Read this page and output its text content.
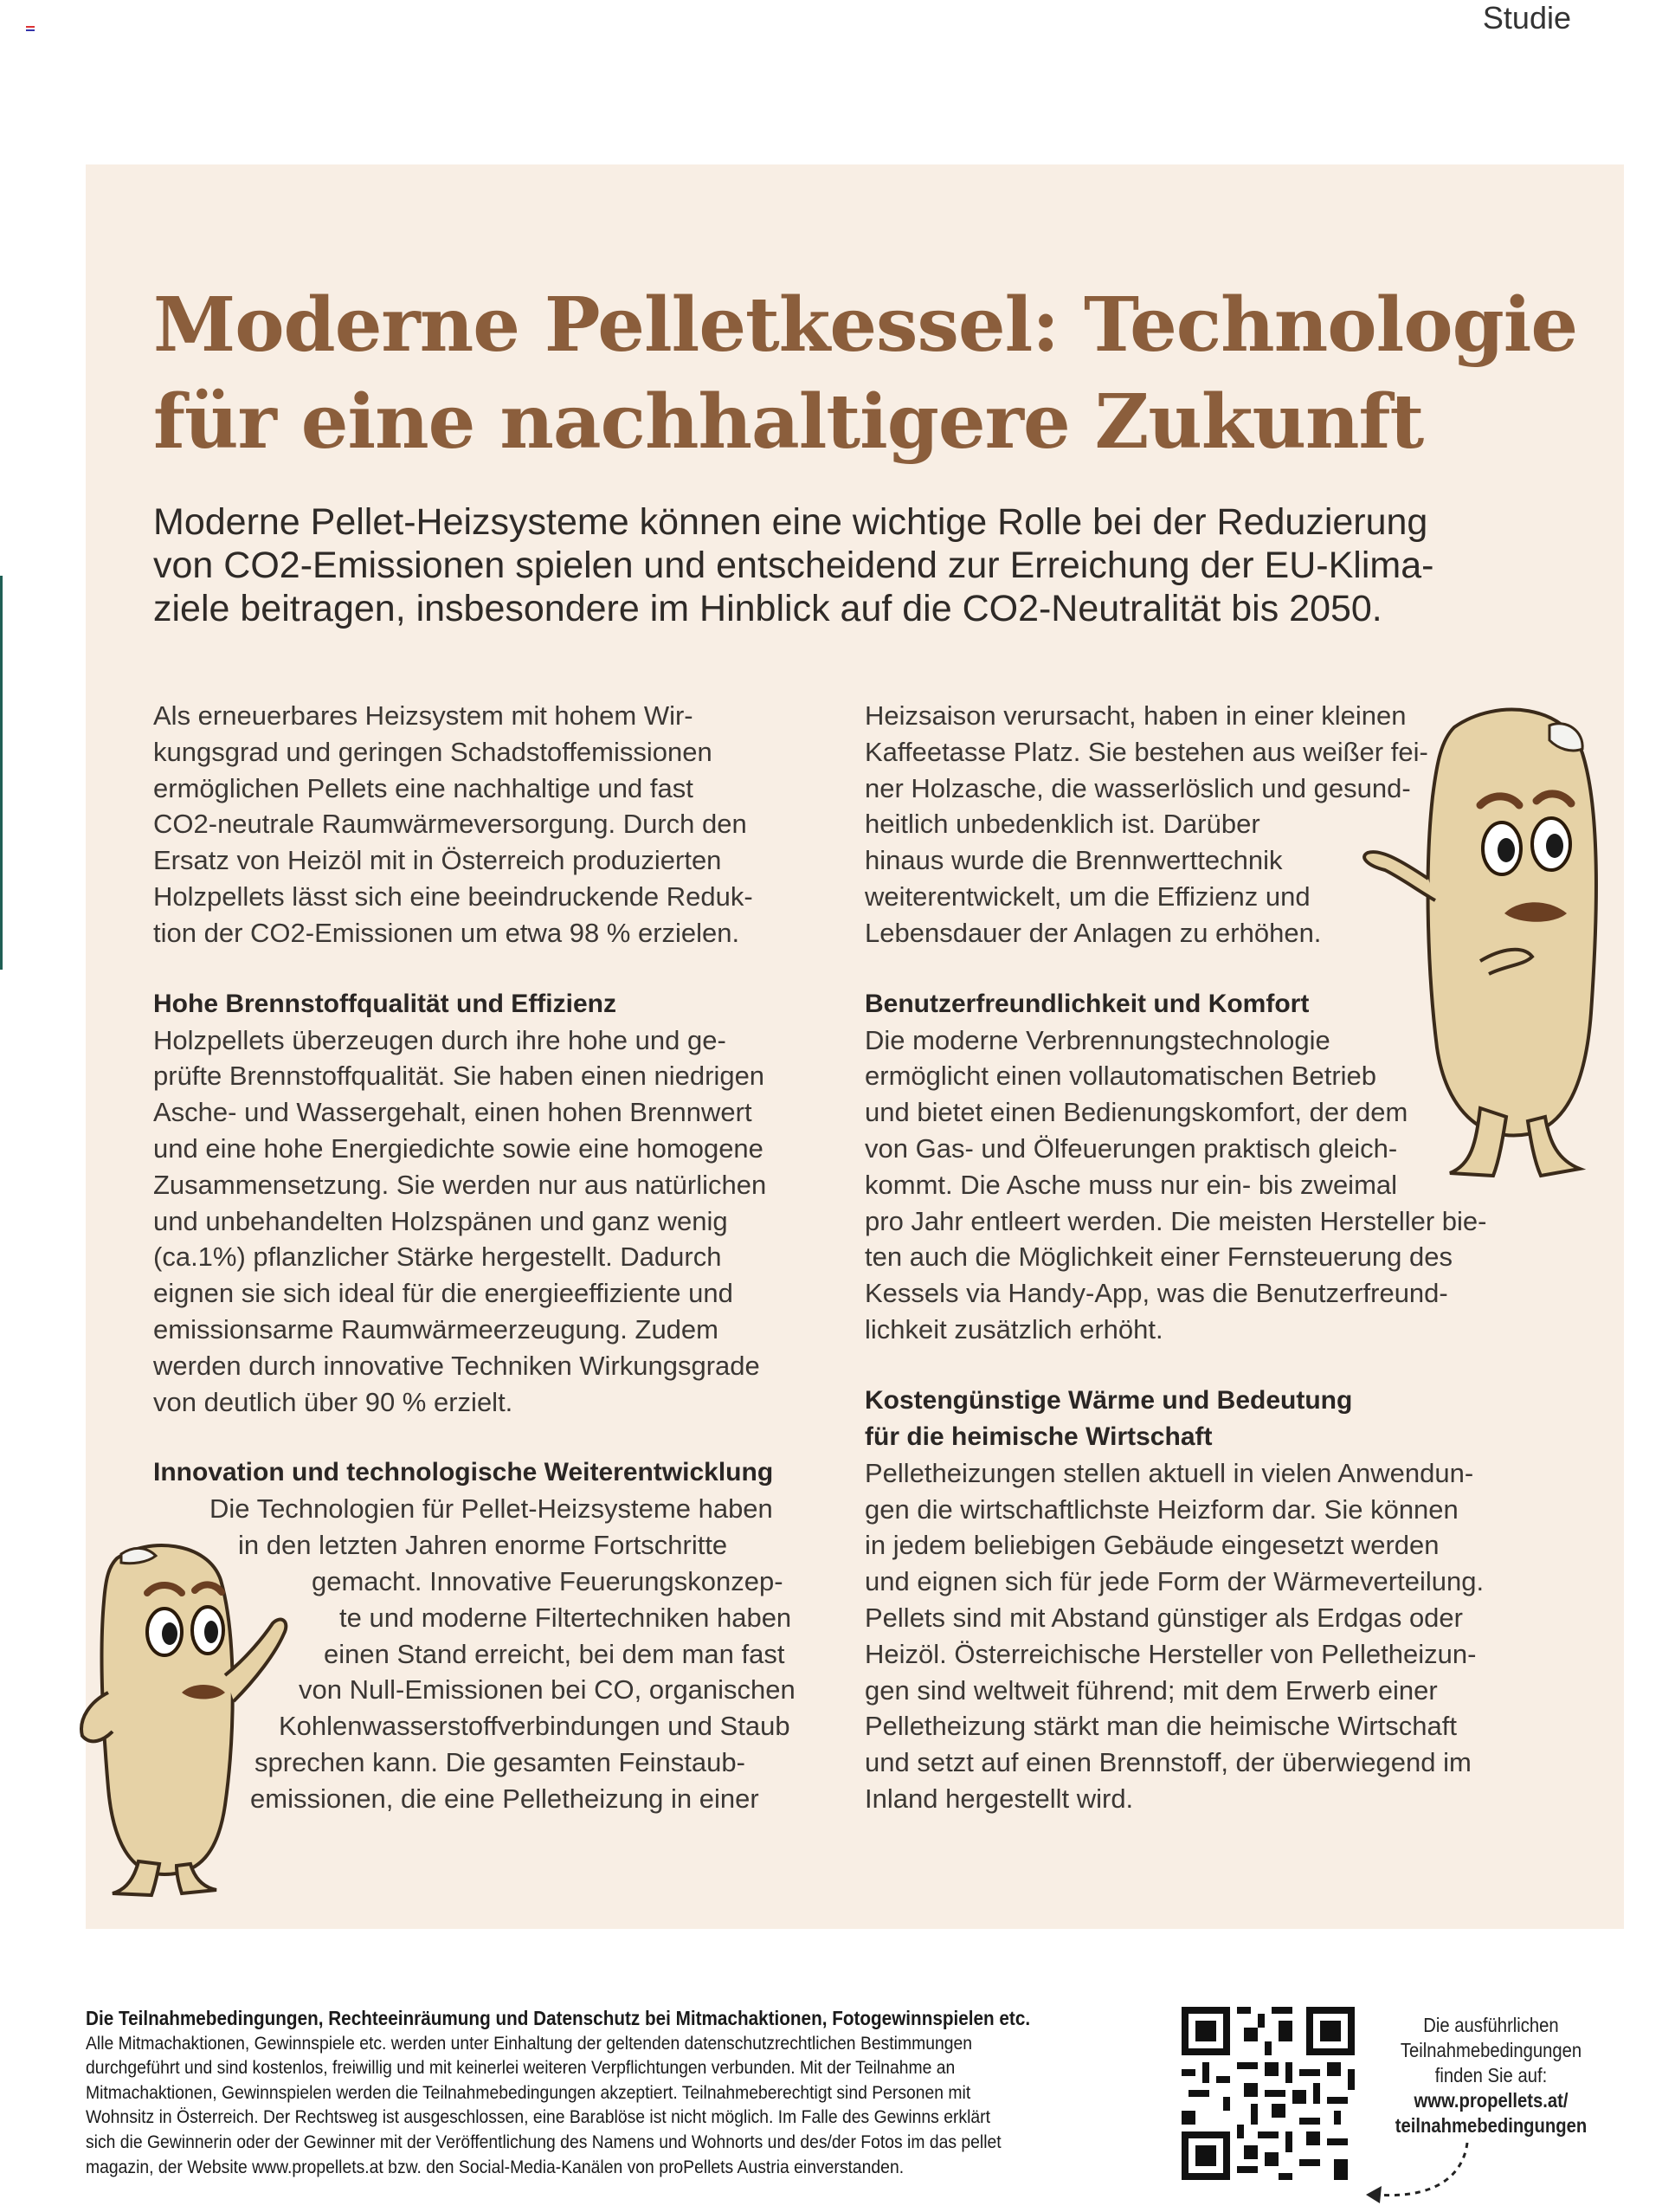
Studie
Moderne Pelletkessel: Technologie
für eine nachhaltigere Zukunft
Moderne Pellet-Heizsysteme können eine wichtige Rolle bei der Reduzierung
von CO2-Emissionen spielen und entscheidend zur Erreichung der EU-Klima-
ziele beitragen, insbesondere im Hinblick auf die CO2-Neutralität bis 2050.
Als erneuerbares Heizsystem mit hohem Wir-
kungsgrad und geringen Schadstoffemissionen
ermöglichen Pellets eine nachhaltige und fast
CO2-neutrale Raumwärmeversorgung. Durch den
Ersatz von Heizöl mit in Österreich produzierten
Holzpellets lässt sich eine beeindruckende Reduk-
tion der CO2-Emissionen um etwa 98 % erzielen.
Hohe Brennstoffqualität und Effizienz
Holzpellets überzeugen durch ihre hohe und ge-
prüfte Brennstoffqualität. Sie haben einen niedrigen
Asche- und Wassergehalt, einen hohen Brennwert
und eine hohe Energiedichte sowie eine homogene
Zusammensetzung. Sie werden nur aus natürlichen
und unbehandelten Holzspänen und ganz wenig
(ca.1%) pflanzlicher Stärke hergestellt. Dadurch
eignen sie sich ideal für die energieeffiziente und
emissionsarme Raumwärmeerzeugung. Zudem
werden durch innovative Techniken Wirkungsgrade
von deutlich über 90 % erzielt.
Innovation und technologische Weiterentwicklung
Die Technologien für Pellet-Heizsysteme haben
in den letzten Jahren enorme Fortschritte
gemacht. Innovative Feuerungskonzep-
te und moderne Filtertechniken haben
einen Stand erreicht, bei dem man fast
von Null-Emissionen bei CO, organischen
Kohlenwasserstoffverbindungen und Staub
sprechen kann. Die gesamten Feinstaub-
emissionen, die eine Pelletheizung in einer
Heizsaison verursacht, haben in einer kleinen
Kaffeetasse Platz. Sie bestehen aus weißer fei-
ner Holzasche, die wasserlöslich und gesund-
heitlich unbedenklich ist. Darüber
hinaus wurde die Brennwerttechnik
weiterentwickelt, um die Effizienz und
Lebensdauer der Anlagen zu erhöhen.
Benutzerfreundlichkeit und Komfort
Die moderne Verbrennungstechnologie
ermöglicht einen vollautomatischen Betrieb
und bietet einen Bedienungskomfort, der dem
von Gas- und Ölfeuerungen praktisch gleich-
kommt. Die Asche muss nur ein- bis zweimal
pro Jahr entleert werden. Die meisten Hersteller bie-
ten auch die Möglichkeit einer Fernsteuerung des
Kessels via Handy-App, was die Benutzerfreund-
lichkeit zusätzlich erhöht.
Kostengünstige Wärme und Bedeutung
für die heimische Wirtschaft
Pelletheizungen stellen aktuell in vielen Anwendun-
gen die wirtschaftlichste Heizform dar. Sie können
in jedem beliebigen Gebäude eingesetzt werden
und eignen sich für jede Form der Wärmeverteilung.
Pellets sind mit Abstand günstiger als Erdgas oder
Heizöl. Österreichische Hersteller von Pelletheizun-
gen sind weltweit führend; mit dem Erwerb einer
Pelletheizung stärkt man die heimische Wirtschaft
und setzt auf einen Brennstoff, der überwiegend im
Inland hergestellt wird.
Die Teilnahmebedingungen, Rechteeinräumung und Datenschutz bei Mitmachaktionen, Fotogewinnspielen etc.
Alle Mitmachaktionen, Gewinnspiele etc. werden unter Einhaltung der geltenden datenschutzrechtlichen Bestimmungen
durchgeführt und sind kostenlos, freiwillig und mit keinerlei weiteren Verpflichtungen verbunden. Mit der Teilnahme an
Mitmachaktionen, Gewinnspielen werden die Teilnahmebedingungen akzeptiert. Teilnahmeberechtigt sind Personen mit
Wohnsitz in Österreich. Der Rechtsweg ist ausgeschlossen, eine Barablöse ist nicht möglich. Im Falle des Gewinns erklärt
sich die Gewinnerin oder der Gewinner mit der Veröffentlichung des Namens und Wohnorts und des/der Fotos im das pellet
magazin, der Website www.propellets.at bzw. den Social-Media-Kanälen von proPellets Austria einverstanden.
Die ausführlichen
Teilnahmebedingungen
finden Sie auf:
www.propellets.at/
teilnahmebedingungen
